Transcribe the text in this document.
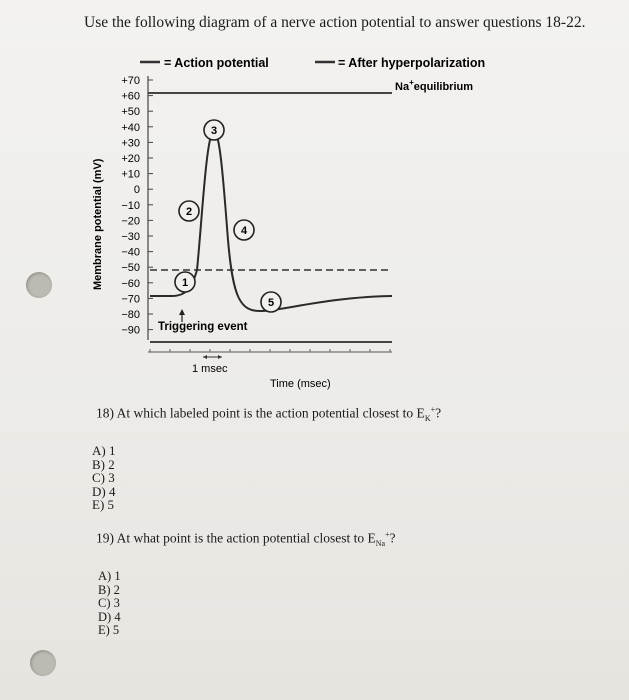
Use the following diagram of a nerve action potential to answer questions 18-22.
= Action potential	= After hyperpolarization
Na+equilibrium
+70
+60
+50
+40
+30
+20
+10
0
−10
−20
−30
−40
−50
−60
−70
−80
−90
Membrane potential (mV)	1
2
3
4
5
Triggering event
1 msec
Time (msec)
18) At which labeled point is the action potential closest to $E_K^+$?
A) 1
B) 2
C) 3
D) 4
E) 5
19) At what point is the action potential closest to $E_{Na}^+$?
A) 1
B) 2
C) 3
D) 4
E) 5
